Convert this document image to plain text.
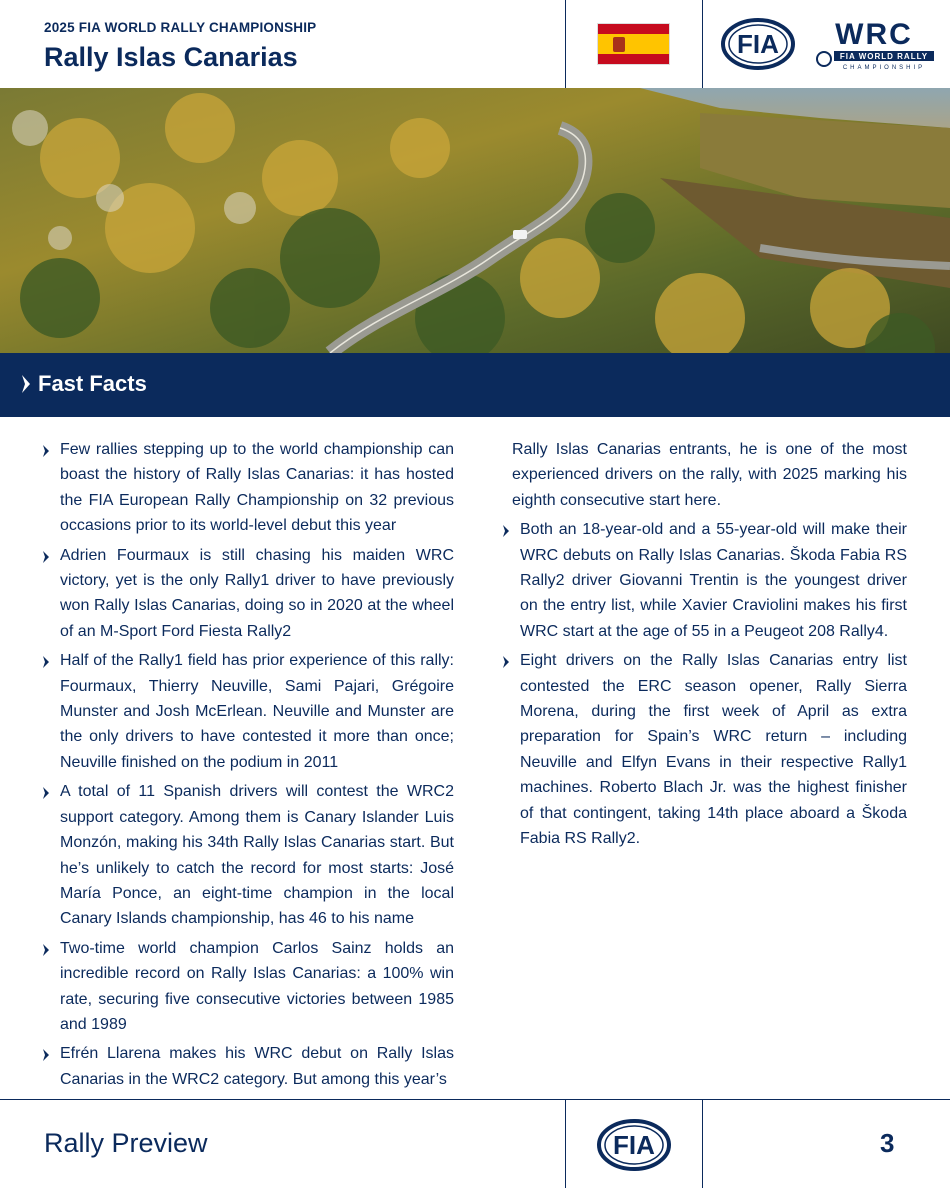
2025 FIA WORLD RALLY CHAMPIONSHIP
Rally Islas Canarias	FIA WRC
FIA WORLD RALLY
CHAMPIONSHIP
Fast Facts
Few rallies stepping up to the world championship can boast the history of Rally Islas Canarias: it has hosted the FIA European Rally Championship on 32 previous occasions prior to its world-level debut this year
Adrien Fourmaux is still chasing his maiden WRC victory, yet is the only Rally1 driver to have previously won Rally Islas Canarias, doing so in 2020 at the wheel of an M-Sport Ford Fiesta Rally2
Half of the Rally1 field has prior experience of this rally: Fourmaux, Thierry Neuville, Sami Pajari, Grégoire Munster and Josh McErlean. Neuville and Munster are the only drivers to have contested it more than once; Neuville finished on the podium in 2011
A total of 11 Spanish drivers will contest the WRC2 support category. Among them is Canary Islander Luis Monzón, making his 34th Rally Islas Canarias start. But he’s unlikely to catch the record for most starts: José María Ponce, an eight-time champion in the local Canary Islands championship, has 46 to his name
Two-time world champion Carlos Sainz holds an incredible record on Rally Islas Canarias: a 100% win rate, securing five consecutive victories between 1985 and 1989
Efrén Llarena makes his WRC debut on Rally Islas Canarias in the WRC2 category. But among this year’s
Rally Islas Canarias entrants, he is one of the most experienced drivers on the rally, with 2025 marking his eighth consecutive start here.
Both an 18-year-old and a 55-year-old will make their WRC debuts on Rally Islas Canarias. Škoda Fabia RS Rally2 driver Giovanni Trentin is the youngest driver on the entry list, while Xavier Craviolini makes his first WRC start at the age of 55 in a Peugeot 208 Rally4.
Eight drivers on the Rally Islas Canarias entry list contested the ERC season opener, Rally Sierra Morena, during the first week of April as extra preparation for Spain’s WRC return – including Neuville and Elfyn Evans in their respective Rally1 machines. Roberto Blach Jr. was the highest finisher of that contingent, taking 14th place aboard a Škoda Fabia RS Rally2.
Rally Preview	FIA	3
